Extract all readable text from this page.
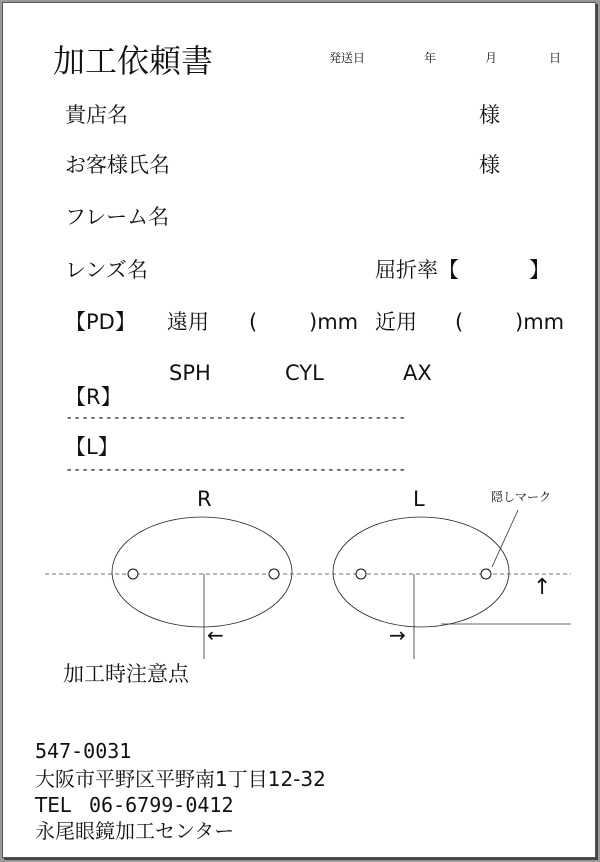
加工依頼書	発送日	年	月	日
貴店名	様
お客様氏名	様
フレーム名
レンズ名	屈折率【	】
【PD】 遠用 ( )mm 近用 ( )mm
SPH	CYL	AX
【R】
-------------------------------------------
【L】
-------------------------------------------
R	L	隠しマーク
←	→
↑
加工時注意点
547-0031
大阪市平野区平野南1丁目12-32
TEL 06-6799-0412
永尾眼鏡加工センター
